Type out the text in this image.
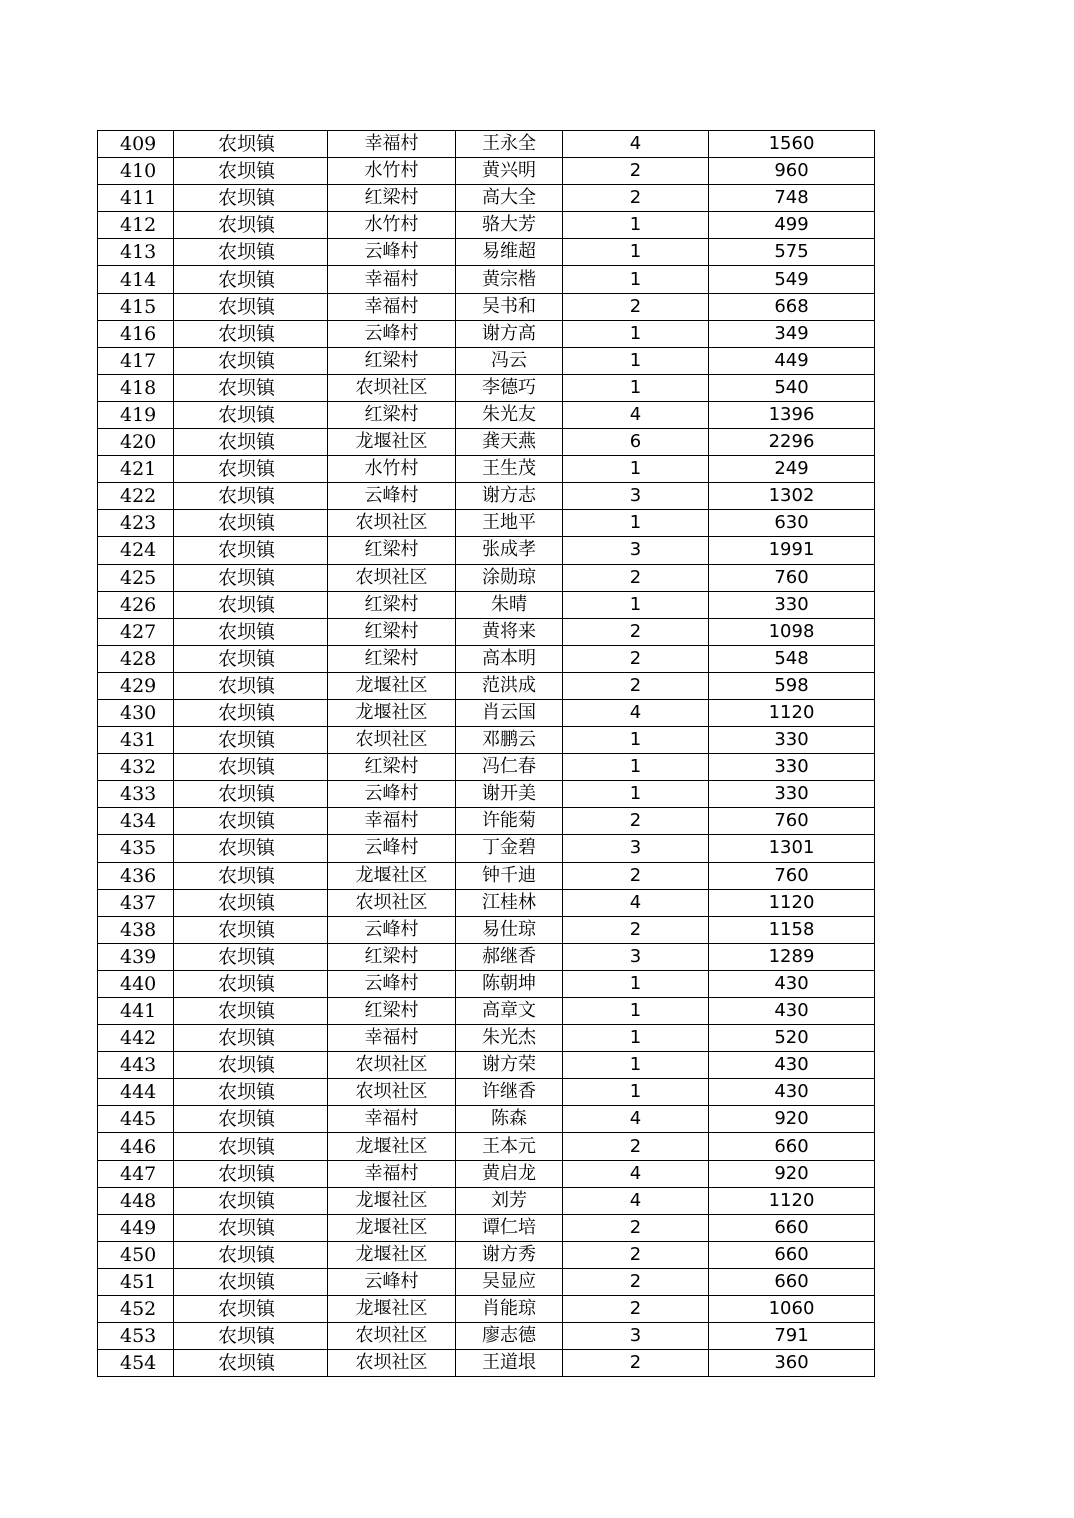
409	农坝镇	幸福村	王永全	4	1560
410	农坝镇	水竹村	黄兴明	2	960
411	农坝镇	红梁村	高大全	2	748
412	农坝镇	水竹村	骆大芳	1	499
413	农坝镇	云峰村	易维超	1	575
414	农坝镇	幸福村	黄宗楷	1	549
415	农坝镇	幸福村	吴书和	2	668
416	农坝镇	云峰村	谢方高	1	349
417	农坝镇	红梁村	冯云	1	449
418	农坝镇	农坝社区	李德巧	1	540
419	农坝镇	红梁村	朱光友	4	1396
420	农坝镇	龙堰社区	龚天燕	6	2296
421	农坝镇	水竹村	王生茂	1	249
422	农坝镇	云峰村	谢方志	3	1302
423	农坝镇	农坝社区	王地平	1	630
424	农坝镇	红梁村	张成孝	3	1991
425	农坝镇	农坝社区	涂勋琼	2	760
426	农坝镇	红梁村	朱晴	1	330
427	农坝镇	红梁村	黄将来	2	1098
428	农坝镇	红梁村	高本明	2	548
429	农坝镇	龙堰社区	范洪成	2	598
430	农坝镇	龙堰社区	肖云国	4	1120
431	农坝镇	农坝社区	邓鹏云	1	330
432	农坝镇	红梁村	冯仁春	1	330
433	农坝镇	云峰村	谢开美	1	330
434	农坝镇	幸福村	许能菊	2	760
435	农坝镇	云峰村	丁金碧	3	1301
436	农坝镇	龙堰社区	钟千迪	2	760
437	农坝镇	农坝社区	江桂林	4	1120
438	农坝镇	云峰村	易仕琼	2	1158
439	农坝镇	红梁村	郝继香	3	1289
440	农坝镇	云峰村	陈朝坤	1	430
441	农坝镇	红梁村	高章文	1	430
442	农坝镇	幸福村	朱光杰	1	520
443	农坝镇	农坝社区	谢方荣	1	430
444	农坝镇	农坝社区	许继香	1	430
445	农坝镇	幸福村	陈森	4	920
446	农坝镇	龙堰社区	王本元	2	660
447	农坝镇	幸福村	黄启龙	4	920
448	农坝镇	龙堰社区	刘芳	4	1120
449	农坝镇	龙堰社区	谭仁培	2	660
450	农坝镇	龙堰社区	谢方秀	2	660
451	农坝镇	云峰村	吴显应	2	660
452	农坝镇	龙堰社区	肖能琼	2	1060
453	农坝镇	农坝社区	廖志德	3	791
454	农坝镇	农坝社区	王道垠	2	360
